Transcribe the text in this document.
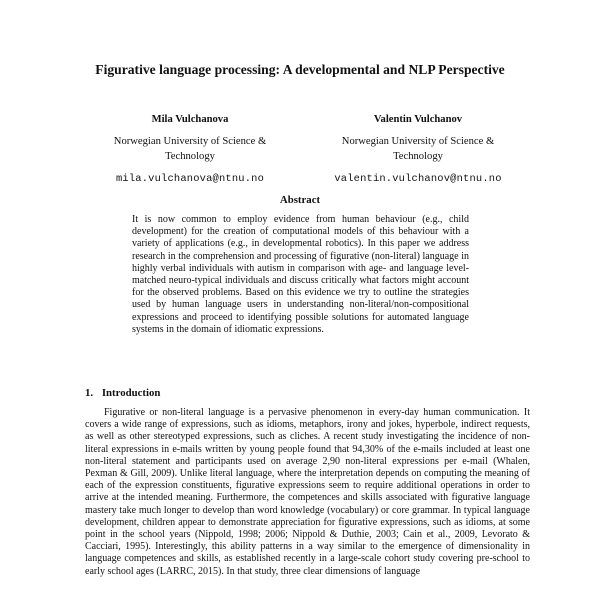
Figurative language processing: A developmental and NLP Perspective
Mila Vulchanova
Norwegian University of Science & Technology
mila.vulchanova@ntnu.no
Valentin Vulchanov
Norwegian University of Science & Technology
valentin.vulchanov@ntnu.no
Abstract
It is now common to employ evidence from human behaviour (e.g., child development) for the creation of computational models of this behaviour with a variety of applications (e.g., in developmental robotics). In this paper we address research in the comprehension and processing of figurative (non-literal) language in highly verbal individuals with autism in comparison with age- and language level-matched neuro-typical individuals and discuss critically what factors might account for the observed problems. Based on this evidence we try to outline the strategies used by human language users in understanding non-literal/non-compositional expressions and proceed to identifying possible solutions for automated language systems in the domain of idiomatic expressions.
1. Introduction
Figurative or non-literal language is a pervasive phenomenon in every-day human communication. It covers a wide range of expressions, such as idioms, metaphors, irony and jokes, hyperbole, indirect requests, as well as other stereotyped expressions, such as cliches. A recent study investigating the incidence of non-literal expressions in e-mails written by young people found that 94,30% of the e-mails included at least one non-literal statement and participants used on average 2,90 non-literal expressions per e-mail (Whalen, Pexman & Gill, 2009). Unlike literal language, where the interpretation depends on computing the meaning of each of the expression constituents, figurative expressions seem to require additional operations in order to arrive at the intended meaning. Furthermore, the competences and skills associated with figurative language mastery take much longer to develop than word knowledge (vocabulary) or core grammar. In typical language development, children appear to demonstrate appreciation for figurative expressions, such as idioms, at some point in the school years (Nippold, 1998; 2006; Nippold & Duthie, 2003; Cain et al., 2009, Levorato & Cacciari, 1995). Interestingly, this ability patterns in a way similar to the emergence of dimensionality in language competences and skills, as established recently in a large-scale cohort study covering pre-school to early school ages (LARRC, 2015). In that study, three clear dimensions of language
